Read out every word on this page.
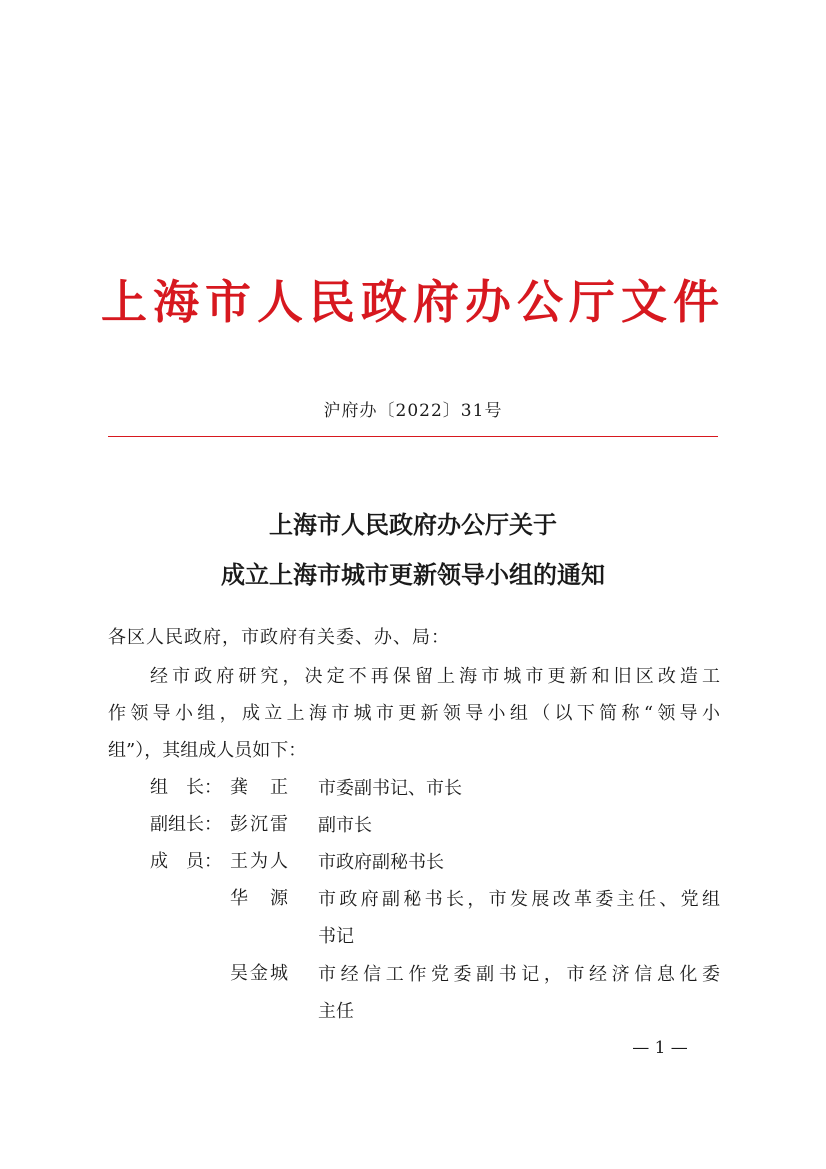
上海市人民政府办公厅文件
沪府办〔2022〕31号
上海市人民政府办公厅关于
成立上海市城市更新领导小组的通知
各区人民政府，市政府有关委、办、局：
经市政府研究，决定不再保留上海市城市更新和旧区改造工
作领导小组，成立上海市城市更新领导小组（以下简称“领导小
组”），其组成人员如下：
组　长： 龚　正 市委副书记、市长
副组长： 彭沉雷 副市长
成　员： 王为人 市政府副秘书长
华　源 市政府副秘书长，市发展改革委主任、党组
书记
吴金城 市经信工作党委副书记，市经济信息化委
主任
— 1 —
